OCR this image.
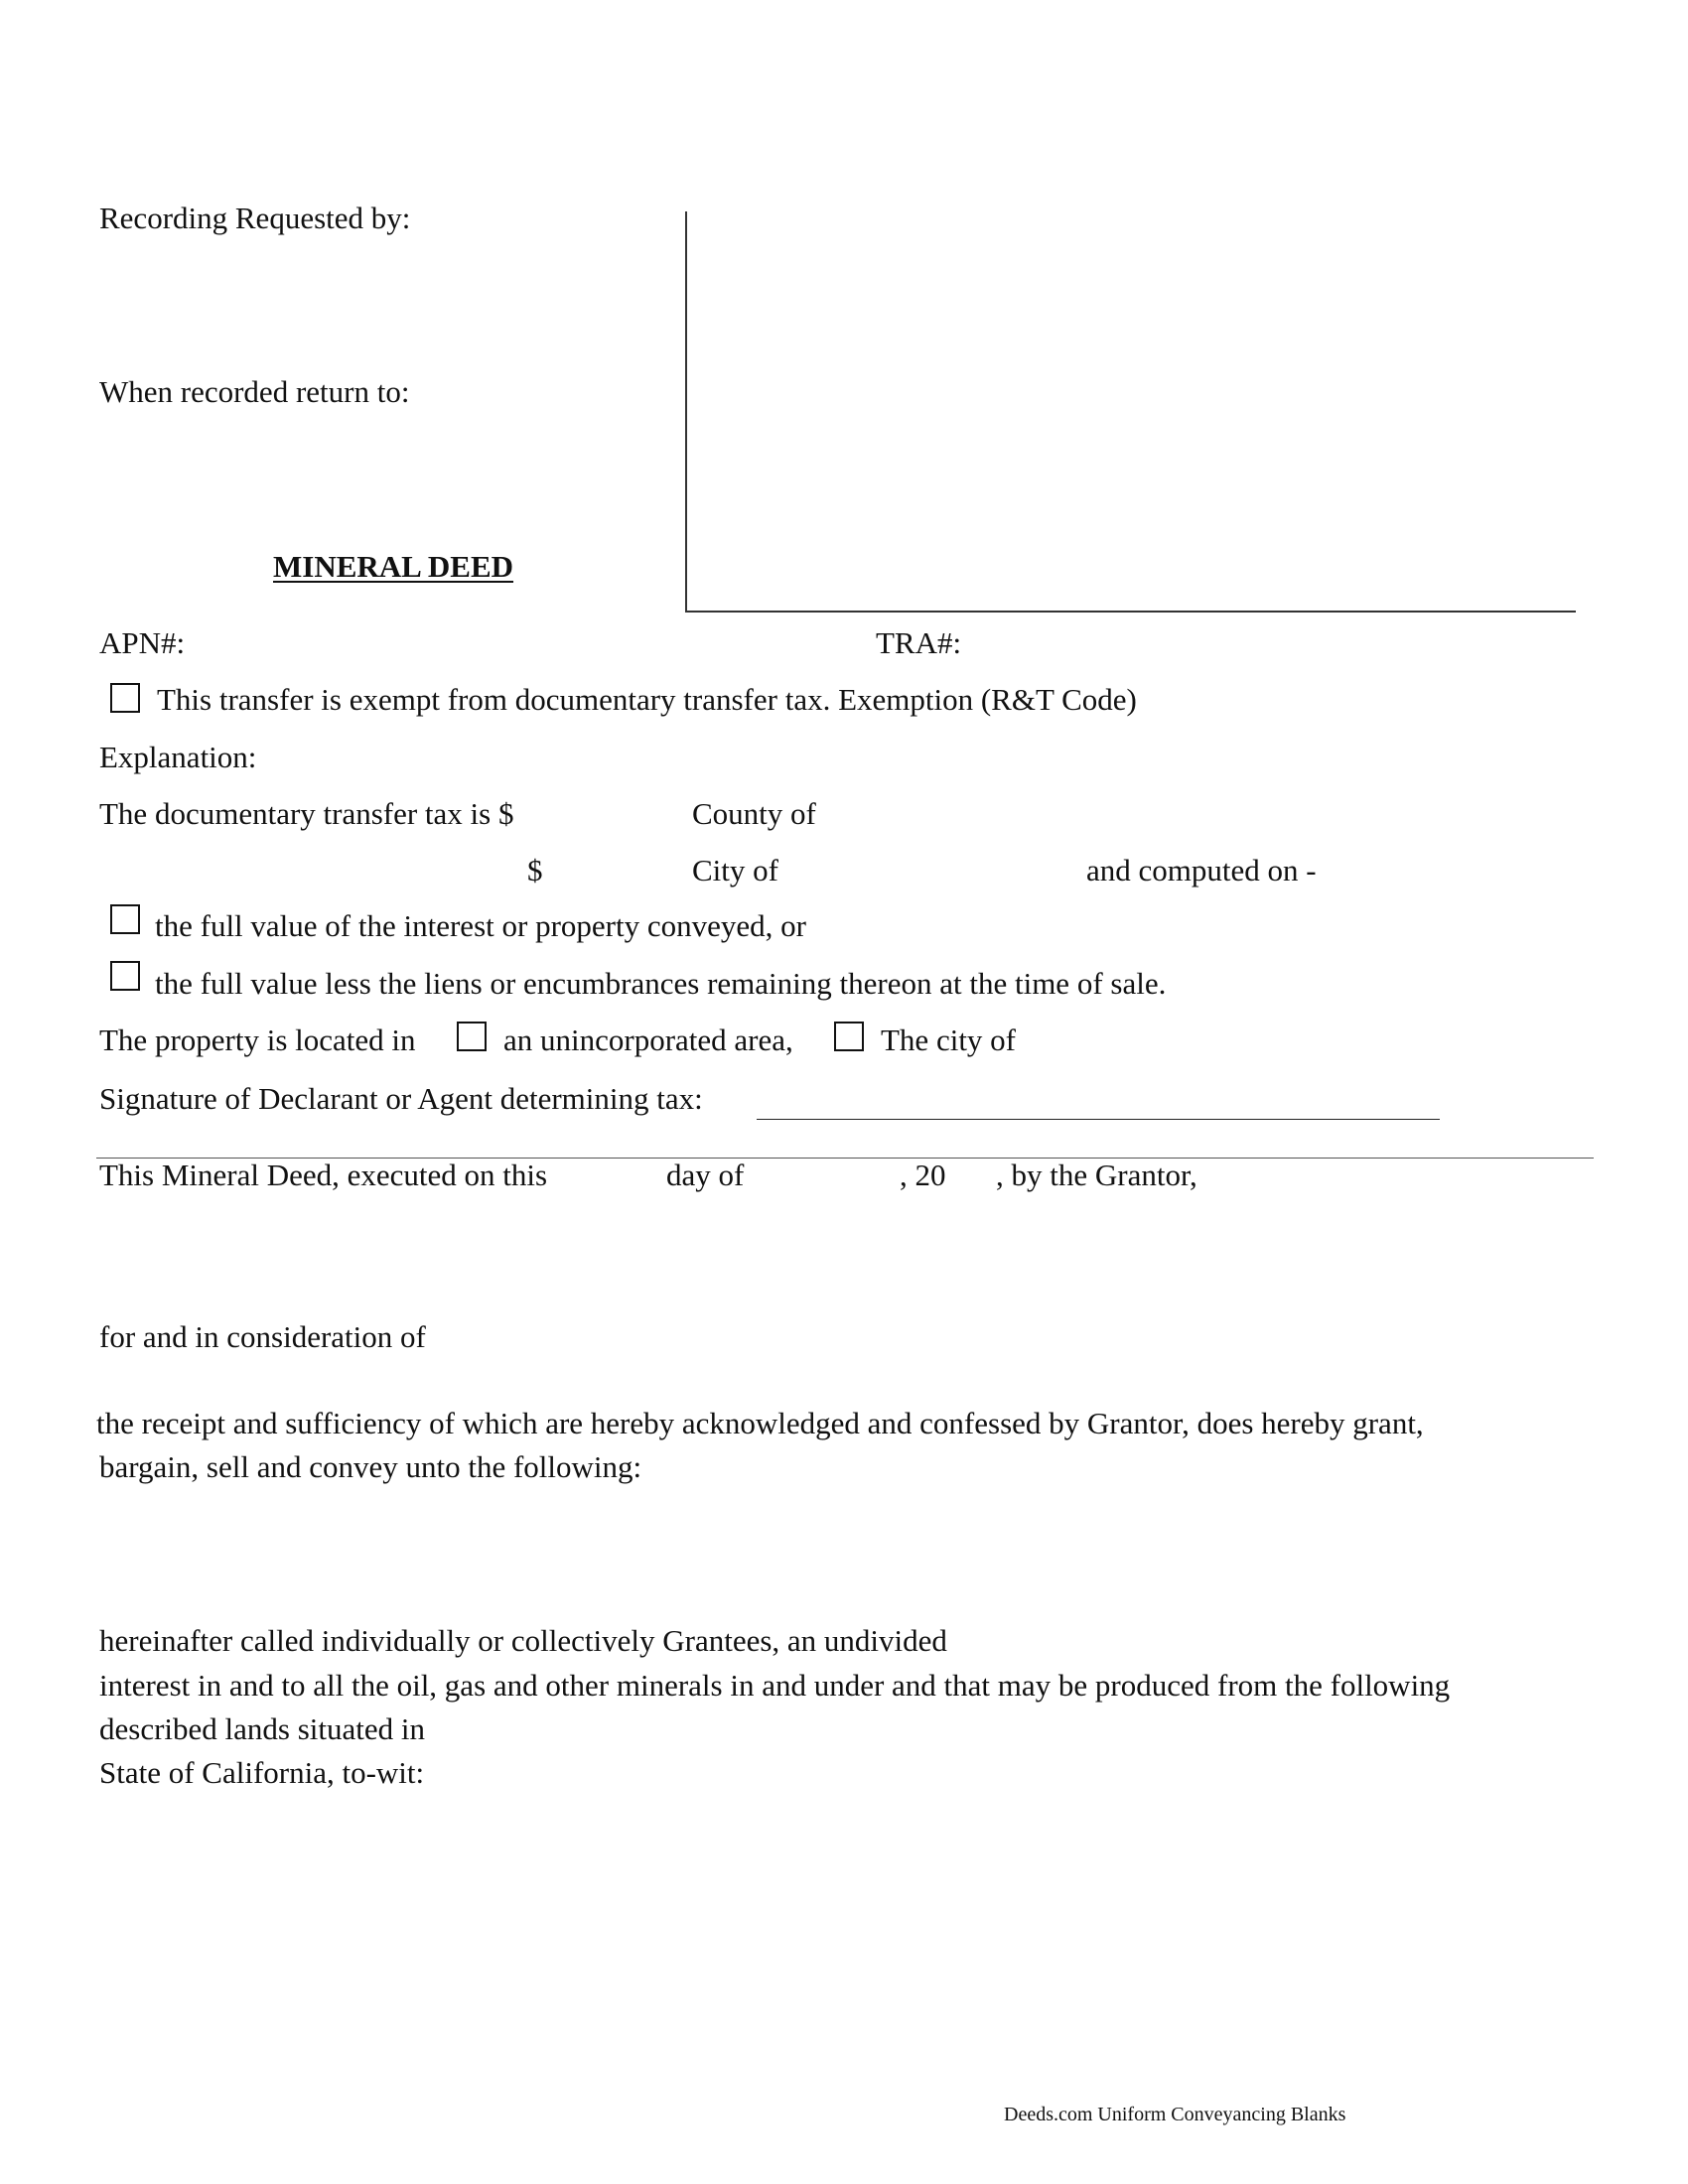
Recording Requested by:
When recorded return to:
MINERAL DEED
APN#:	TRA#:
This transfer is exempt from documentary transfer tax. Exemption (R&T Code)
Explanation:
The documentary transfer tax is $	County of
$	City of	and computed on -
the full value of the interest or property conveyed, or
the full value less the liens or encumbrances remaining thereon at the time of sale.
The property is located in	an unincorporated area,	The city of
Signature of Declarant or Agent determining tax:
This Mineral Deed, executed on this	day of	, 20 , by the Grantor,
for and in consideration of
the receipt and sufficiency of which are hereby acknowledged and confessed by Grantor, does hereby grant,
bargain, sell and convey unto the following:
hereinafter called individually or collectively Grantees, an undivided
interest in and to all the oil, gas and other minerals in and under and that may be produced from the following
described lands situated in
State of California, to-wit:
Deeds.com Uniform Conveyancing Blanks
